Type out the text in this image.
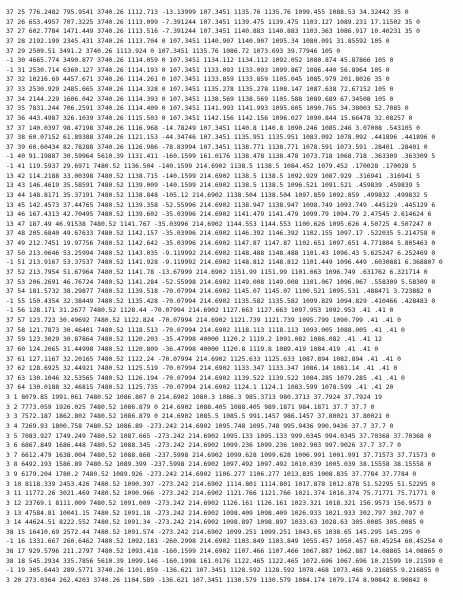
37 25 776.2482 795.9541 3740.26 1112.713 -13.13999 107.3451 1135.76 1135.76 1099.455 1088.53 34.32442 35 0
37 26 653.4957 707.3225 3740.26 1113.099 -7.391244 107.3451 1139.475 1139.475 1103.127 1089.231 17.11502 35 0
37 27 602.7784 1471.449 3740.26 1113.516 -7.391244 107.3451 1140.883 1140.883 1103.363 1086.917 10.40231 35 0
37 28 2192.199 2345.431 3740.26 1113.704 0 107.3451 1140.907 1140.907 1095.34 1080.091 31.85592 105 0
37 29 2509.51 3491.2 3740.26 1113.924 0 107.3451 1135.76 1086.72 1073.693 39.77946 105 0
-1 30 4665.774 3490.877 3740.26 1114.059 0 107.3451 1134.112 1134.112 1092.052 1080.874 45.87866 105 0
-1 31 2530.714 6360.127 3740.26 1114.193 0 107.3451 1133.093 1133.093 1099.867 1086.440 56.8964 105 0
37 32 10216.69 4457.671 3740.26 1114.261 0 107.3451 1133.859 1133.859 1105.045 1085.979 201.8026 35 0
37 33 2530.929 2485.665 3740.26 1114.328 0 107.3451 1135.278 1135.278 1108.147 1087.638 72.67152 105 0
37 34 2144.229 1606.042 3740.26 1114.393 0 107.3451 1138.569 1138.569 1105.588 1089.689 67.34508 105 0
37 35 7831.244 706.2591 3740.26 1114.409 0 107.3451 1141.993 1141.993 1095.605 1090.765 34.38003 52.7085 0
37 36 443.4987 326.1039 3740.26 1115.503 0 107.3451 1142.156 1142.156 1096.027 1090.844 15.66478 32.08257 0
37 37 140.0397 98.47198 3740.26 1116.968 -14.78249 107.3451 1140.8 1140.8 1090.246 1085.246 3.07008 .543105 0
37 38 60.07152 61.89388 3740.26 1121.153 -44.34746 107.3451 1135.951 1135.951 1083.092 1078.092 .441896 .441896 0
37 39 60.60434 82.78288 3740.26 1126.986 -78.83994 107.3451 1138.771 1138.771 1078.591 1073.591 .28401 .28401 0
-1 40 91.19887 30.59964 5610.39 1131.411 -160.1599 161.0176 1138.478 1138.478 1073.718 1068.718 .363309 .363309 5
-1 41 119.5937 29.6971 7480.52 1136.504 -140.1599 214.6902 1138.5 1138.5 1084.452 1079.452 .170028 .170028 5
13 42 114.2188 33.00398 7480.52 1138.715 -140.1599 214.6902 1138.5 1138.5 1092.929 1087.929 .316941 .316941 5
13 43 146.4619 35.58591 7480.52 1139.009 -140.1599 214.6902 1138.5 1138.5 1096.521 1091.521 .459839 .459839 5
13 44 148.8171 35.37191 7480.52 1138.848 -105.12 214.6902 1138.504 1138.504 1097.859 1092.859 .499832 .499832 5
13 45 142.4573 37.44765 7480.52 1139.358 -52.55996 214.6902 1138.947 1138.947 1098.749 1093.749 .445129 .445129 6
13 46 167.4313 42.70495 7480.52 1139.602 -35.03996 214.6902 1141.479 1141.479 1099.79 1094.79 2.47545 2.614624 6
13 47 187.49 46.91538 7480.52 1141.767 -35.03996 214.6902 1144.553 1144.553 1100.626 1095.626 4.50725 4.507247 0
37 48 205.6840 49.67633 7480.52 1142.157 -35.03996 214.6902 1146.392 1146.392 1102.155 1097.17 .522035 5.214758 0
37 49 212.7451 19.97756 7480.52 1142.642 -35.03996 214.6902 1147.87 1147.87 1102.651 1097.651 4.771804 5.805463 0
37 50 213.0646 53.25994 7480.52 1143.035 -9.119992 214.6902 1148.488 1148.488 1101.43 1096.43 5.625247 6.252469 0
-1 51 213.9167 53.37537 7480.52 1141.928 -9.119992 214.6902 1148.812 1148.812 1101.449 1096.449 .6030881 6.368807 0
37 52 213.7954 51.67964 7480.52 1141.78 -13.67999 214.6902 1151.99 1151.99 1101.063 1096.749 .631762 6.321714 0
37 53 206.2691 46.76724 7480.52 1141.284 -52.55998 214.6902 1149.008 1149.008 1101.067 1096.067 .558309 5.58309 0
37 54 181.5732 38.29877 7480.52 1139.518 -70.07994 214.6902 1145.07 1145.07 1100.521 1095.531 .488471 3.723882 0
-1 55 150.4354 32.38449 7480.52 1135.428 -70.07994 214.6902 1135.582 1135.582 1099.829 1094.829 .410466 .428483 0
-1 56 128.171 31.2677 7480.52 1128.44 -70.07994 214.6902 1127.663 1127.663 1097.953 1092.953 .41 .41 0
37 57 123.723 30.49692 7480.52 1122.824 -70.07994 214.6902 1121.739 1121.739 1095.799 1090.799 .41 .41 0
37 58 121.7873 30.46401 7480.52 1118.513 -70.07994 214.6902 1118.113 1118.113 1093.005 1088.005 .41 .41 0
37 59 123.3029 30.87864 7480.52 1120.203 -35.47998 40000 1120.2 1119.2 1091.082 1086.082 .41 .41 12
37 60 124.2065 31.44998 7480.52 1120.809 -36.47998 40000 1120.8 1119.8 1089.419 1084.419 .41 .41 0
37 61 127.1167 32.20165 7480.52 1122.24 -70.07994 214.6902 1125.633 1125.633 1087.894 1082.894 .41 .41 0
37 62 128.6925 32.44921 7480.52 1125.519 -70.07994 214.6902 1133.347 1133.347 1086.14 1081.14 .41 .41 0
37 63 130.1046 32.53565 7480.52 1126.194 -70.07994 214.6902 1139.522 1139.522 1084.285 1079.285 .41 .41 0
37 64 130.0188 32.46815 7480.52 1125.735 -70.07994 214.6902 1124.1 1124.1 1083.599 1078.599 .41 .41 20
3 1 8079.85 1991.061 7480.52 1086.807 0 214.6902 1080.3 1086.3 985.3713 980.3713 37.7924 37.7924 19
3 2 7773.059 1926.025 7480.52 1086.879 0 214.6902 1088.405 1088.405 989.1871 984.1871 37.7 37.7 0
3 3 7572.187 1862.802 7480.52 1086.879 0 214.6902 1085.5 1085.5 991.1457 986.1457 37.80021 37.80021 0
3 4 7269.93 1800.758 7480.52 1086.89 -273.242 214.6902 1095.748 1095.748 995.9436 990.9436 37.7 37.7 0
3 5 7083.927 1749.249 7480.52 1087.665 -273.242 214.6902 1095.133 1095.133 999.0345 994.0345 37.70368 37.70368 0
3 6 6867.849 1686.448 7480.52 1088.345 -273.242 214.6902 1099.236 1099.236 1002.903 997.9026 37.7 37.7 0
3 7 6612.479 1638.004 7480.52 1088.868 -237.5998 214.6902 1099.628 1099.628 1006.991 1001.991 37.71573 37.71573 0
3 8 6492.193 1586.89 7480.52 1089.399 -237.5998 214.6902 1097.492 1097.492 1010.039 1005.039 38.15558 38.15558 0
3 9 6179.204 1780.2 7480.52 1089.926 -273.242 214.6902 1106.277 1106.277 1013.835 1008.835 37.7784 37.7784 0
3 10 8118.339 2453.426 7480.52 1090.397 -273.242 214.6902 1114.801 1114.801 1017.878 1012.878 51.52295 51.52295 0
3 11 11772.26 3021.469 7480.52 1090.966 -273.242 214.6902 1121.766 1121.766 1021.374 1016.374 75.71771 75.71771 0
3 12 23769.1 8111.009 7480.52 1091.009 -273.242 214.6902 1126.161 1126.161 1023.321 1018.321 156.9573 156.9573 0
3 13 47584.81 10041.15 7480.52 1091.18 -273.242 214.6902 1098.409 1098.409 1026.933 1021.933 302.797 302.797 0
3 14 44624.51 8222.552 7480.52 1091.34 -273.242 214.6902 1098.897 1098.897 1033.63 1028.63 305.0085 305.0085 0
38 15 16410.69 2572.44 7480.52 1091.574 -273.242 214.6902 1099.251 1099.251 1043.65 1038.65 145.295 145.295 0
-1 16 1331.667 260.6462 7480.52 1092.181 -260.2998 214.6902 1103.849 1103.849 1055.457 1050.457 60.45254 60.45254 0
38 17 929.5796 211.2797 7480.52 1093.418 -160.1599 214.6902 1107.466 1107.466 1067.887 1062.887 14.08865 14.08865 0
38 18 545.2934 335.7856 5610.39 1099.146 -160.1998 161.0176 1122.465 1122.465 1072.696 1067.696 10.21599 10.21599 0
-1 19 305.6443 289.5771 3740.26 1101.859 -136.621 107.3451 1128.592 1128.592 1078.468 1073.468 9.216855 9.216855 0
3 20 273.0364 262.4203 3740.26 1104.589 -136.621 107.3451 1130.579 1130.579 1084.174 1079.174 8.90842 8.90842 0
